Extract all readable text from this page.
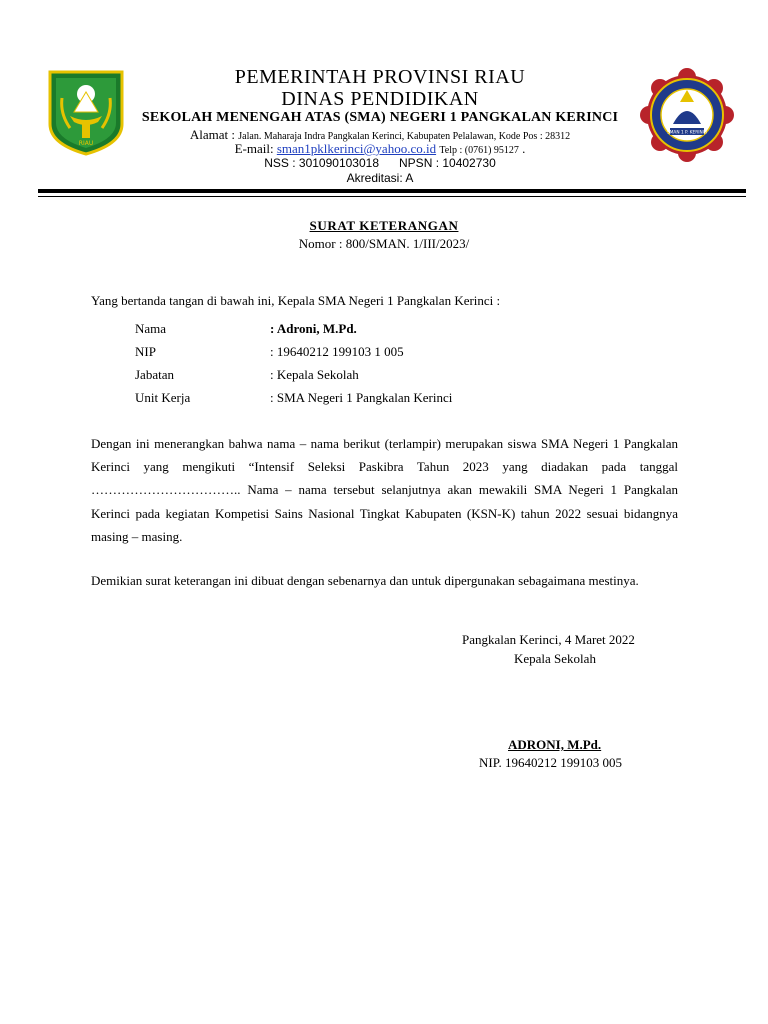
RIAU
SMAN 1 P. KERINCI
PEMERINTAH PROVINSI RIAU
DINAS PENDIDIKAN
SEKOLAH MENENGAH ATAS (SMA) NEGERI 1 PANGKALAN KERINCI
Alamat : Jalan. Maharaja Indra Pangkalan Kerinci, Kabupaten Pelalawan, Kode Pos : 28312
E-mail: sman1pklkerinci@yahoo.co.id Telp : (0761) 95127 .
NSS : 301090103018 NPSN : 10402730
Akreditasi: A
SURAT KETERANGAN
Nomor : 800/SMAN. 1/III/2023/
Yang bertanda tangan di bawah ini, Kepala SMA Negeri 1 Pangkalan Kerinci :
Nama	: Adroni, M.Pd.
NIP	: 19640212 199103 1 005
Jabatan	: Kepala Sekolah
Unit Kerja	: SMA Negeri 1 Pangkalan Kerinci
Dengan ini menerangkan bahwa nama – nama berikut (terlampir) merupakan siswa SMA Negeri 1 Pangkalan Kerinci yang mengikuti “Intensif Seleksi Paskibra Tahun 2023 yang diadakan pada tanggal …………………………….. Nama – nama tersebut selanjutnya akan mewakili SMA Negeri 1 Pangkalan Kerinci pada kegiatan Kompetisi Sains Nasional Tingkat Kabupaten (KSN-K) tahun 2022 sesuai bidangnya masing – masing.
Demikian surat keterangan ini dibuat dengan sebenarnya dan untuk dipergunakan sebagaimana mestinya.
Pangkalan Kerinci, 4 Maret 2022
Kepala Sekolah
ADRONI, M.Pd.
NIP. 19640212 199103 005
